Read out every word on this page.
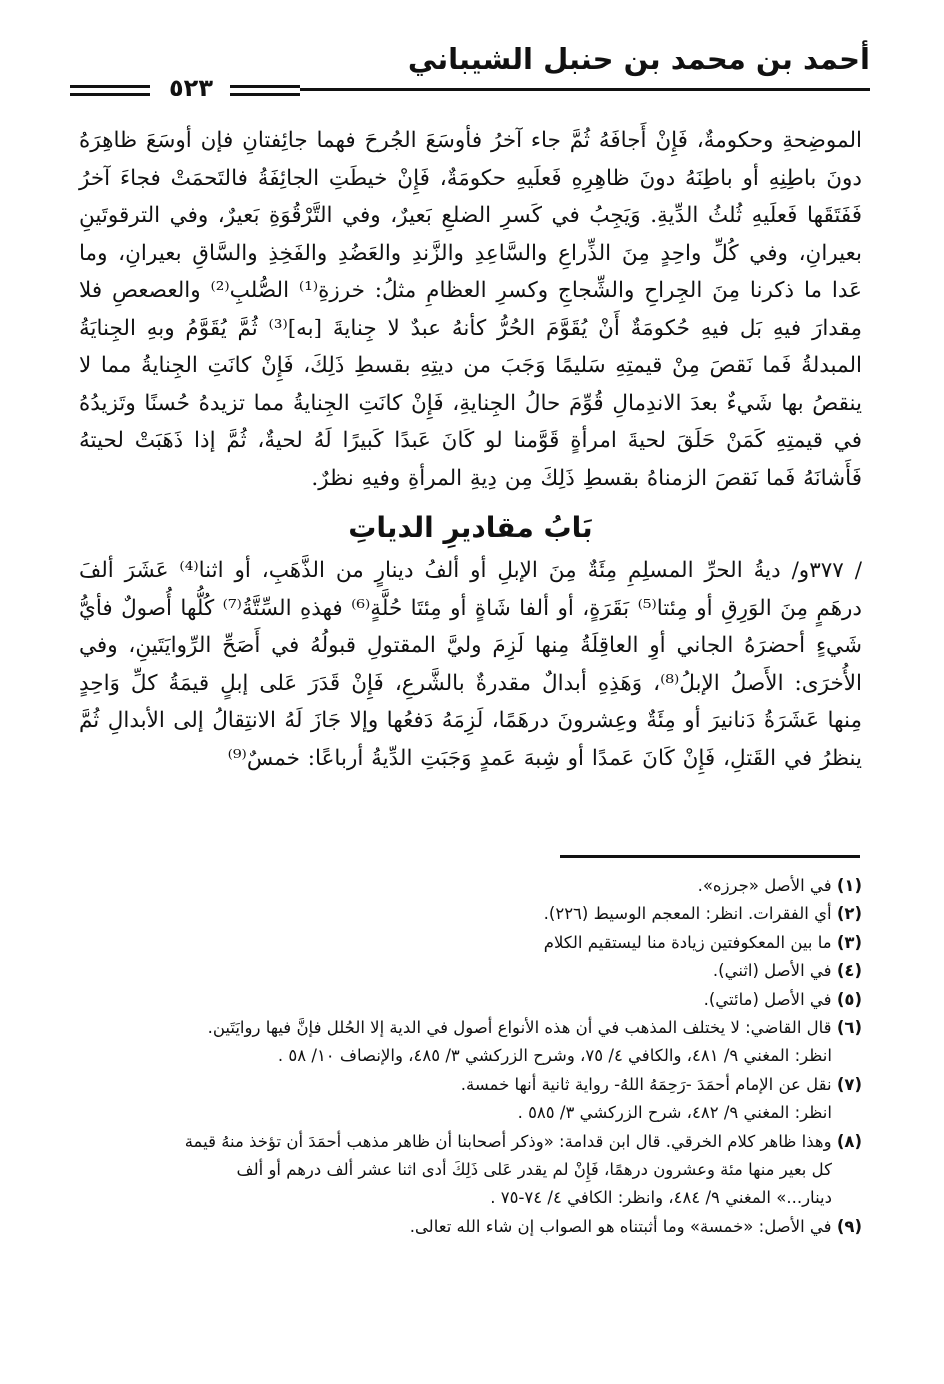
أحمد بن محمد بن حنبل الشيباني
٥٢٣

الموضِحةِ وحكومةٌ، فَإِنْ أَجافَهُ ثُمَّ جاء آخرُ فأوسَعَ الجُرحَ فهما جائِفتانِ فإن أوسَعَ ظاهِرَهُ دونَ باطِنِهِ أو باطِنَهُ دونَ ظاهِرِهِ فَعلَيهِ حكومَةٌ، فَإِنْ خيطَتِ الجائِفَةُ فالتَحمَتْ فجاءَ آخرُ فَفَتَقَها فَعلَيهِ ثُلثُ الدِّيةِ. وَيَجِبُ في كَسرِ الضلعِ بَعيرٌ، وفي التَّرْقُوَةِ بَعيرٌ، وفي الترقوتَينِ بعيرانِ، وفي كُلِّ واحِدٍ مِنَ الذِّراعِ والسَّاعِدِ والزَّندِ والعَضُدِ والفَخِذِ والسَّاقِ بعيرانِ، وما عَدا ما ذكرنا مِنَ الجِراحِ والشِّجاجِ وكسرِ العظامِ مثلُ: خرزةِ⁽¹⁾ الصُّلبِ⁽²⁾ والعصعصِ فلا مِقدارَ فيهِ بَل فيهِ حُكومَةٌ أَنْ يُقَوَّمَ الحُرُّ كأنهُ عبدٌ لا جِنايةَ [به]⁽³⁾ ثُمَّ يُقَوَّمُ وبهِ الجِنايَةُ المبدلةُ فَما نَقصَ مِنْ قيمتِهِ سَليمًا وَجَبَ من ديتِهِ بقسطِ ذَلِكَ، فَإِنْ كانَتِ الجِنايةُ مما لا ينقصُ بها شَيءٌ بعدَ الاندِمالِ قُوِّمَ حالُ الجِنايةِ، فَإِنْ كانَتِ الجِنايةُ مما تزيدهُ حُسنًا وتَزيدُهُ في قيمتِهِ كَمَنْ حَلَقَ لحيةَ امرأةٍ قَوَّمنا لو كَانَ عَبدًا كَبيرًا لَهُ لحيةٌ، ثُمَّ إذا ذَهَبَتْ لحيتهُ فَأَشانَهُ فَما نَقصَ الزمناهُ بقسطِ ذَلِكَ مِن دِيةِ المرأةِ وفيهِ نظرٌ.

بَابُ مقاديرِ الدياتِ

/ ٣٧٧و/ ديةُ الحرِّ المسلِمِ مِئَةٌ مِنَ الإبلِ أو ألفُ دينارٍ من الذَّهَبِ، أو اثنا⁽⁴⁾ عَشَرَ ألفَ درهَمٍ مِنَ الوَرِقِ أو مِئتا⁽⁵⁾ بَقَرَةٍ، أو ألفا شَاةٍ أو مِئتَا حُلَّةٍ⁽⁶⁾ فهذهِ السِّتَّةُ⁽⁷⁾ كُلُّها أُصولٌ فأيُّ شَيءٍ أحضرَهُ الجاني أوِ العاقِلَةُ مِنها لَزِمَ وليَّ المقتولِ قبولُهُ في أَصَحِّ الرِّوايَتَينِ، وفي الأُخرَى: الأَصلُ الإبلُ⁽⁸⁾، وَهَذِهِ أبدالٌ مقدرةٌ بالشَّرعِ، فَإِنْ قَدَرَ عَلى إبلٍ قيمَةُ كلِّ وَاحِدٍ مِنها عَشَرَةُ دَنانيرَ أو مِئَةٌ وعِشرونَ درهَمًا، لَزِمَهُ دَفعُها وإلا جَازَ لَهُ الانتِقالُ إلى الأبدالِ ثُمَّ ينظرُ في القَتلِ، فَإِنْ كَانَ عَمدًا أو شِبهَ عَمدٍ وَجَبَتِ الدِّيةُ أرباعًا: خمسٌ⁽⁹⁾

(١) في الأصل «جرزه».

(٢) أي الفقرات. انظر: المعجم الوسيط (٢٢٦).

(٣) ما بين المعكوفتين زيادة منا ليستقيم الكلام

(٤) في الأصل (اثني).

(٥) في الأصل (مائتي).

(٦) قال القاضي: لا يختلف المذهب في أن هذه الأنواع أصول في الدية إلا الحُلل فإنَّ فيها روايَتَين.

انظر: المغني ٩/ ٤٨١، والكافي ٤/ ٧٥، وشرح الزركشي ٣/ ٤٨٥، والإنصاف ١٠/ ٥٨ .

(٧) نقل عن الإمام أحمَدَ -رَحِمَهُ اللهُ- رواية ثانية أنها خمسة.

انظر: المغني ٩/ ٤٨٢، شرح الزركشي ٣/ ٥٨٥ .

(٨) وهذا ظاهر كلام الخرقي. قال ابن قدامة: «وذكر أصحابنا أن ظاهر مذهب أحمَدَ أن تؤخذ منهُ قيمة

كل بعير منها مئة وعشرون درهمًا، فَإِنْ لم يقدر عَلى ذَلِكَ أدى اثنا عشر ألف درهم أو ألف

دينار...» المغني ٩/ ٤٨٤، وانظر: الكافي ٤/ ٧٤-٧٥ .

(٩) في الأصل: «خمسة» وما أثبتناه هو الصواب إن شاء الله تعالى.
